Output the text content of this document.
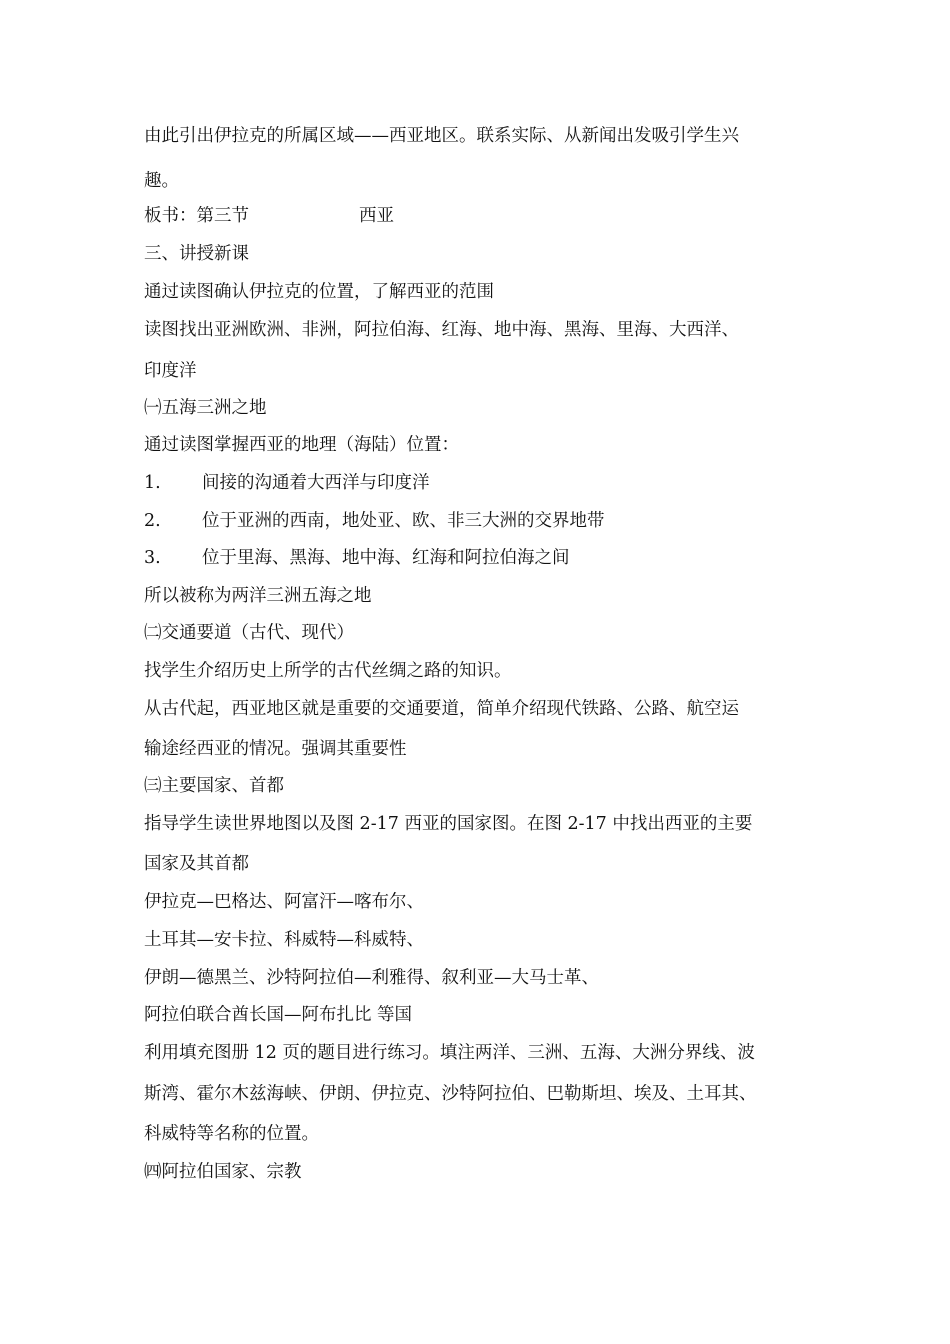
由此引出伊拉克的所属区域——西亚地区。联系实际、从新闻出发吸引学生兴
趣。
板书：第三节	西亚
三、讲授新课
通过读图确认伊拉克的位置，了解西亚的范围
读图找出亚洲欧洲、非洲，阿拉伯海、红海、地中海、黑海、里海、大西洋、
印度洋
㈠五海三洲之地
通过读图掌握西亚的地理（海陆）位置：
1. 间接的沟通着大西洋与印度洋
2. 位于亚洲的西南，地处亚、欧、非三大洲的交界地带
3. 位于里海、黑海、地中海、红海和阿拉伯海之间
所以被称为两洋三洲五海之地
㈡交通要道（古代、现代）
找学生介绍历史上所学的古代丝绸之路的知识。
从古代起，西亚地区就是重要的交通要道，简单介绍现代铁路、公路、航空运
输途经西亚的情况。强调其重要性
㈢主要国家、首都
指导学生读世界地图以及图 2-17 西亚的国家图。在图 2-17 中找出西亚的主要
国家及其首都
伊拉克—巴格达、阿富汗—喀布尔、
土耳其—安卡拉、科威特—科威特、
伊朗—德黑兰、沙特阿拉伯—利雅得、叙利亚—大马士革、
阿拉伯联合酋长国—阿布扎比 等国
利用填充图册 12 页的题目进行练习。填注两洋、三洲、五海、大洲分界线、波
斯湾、霍尔木兹海峡、伊朗、伊拉克、沙特阿拉伯、巴勒斯坦、埃及、土耳其、
科威特等名称的位置。
㈣阿拉伯国家、宗教
